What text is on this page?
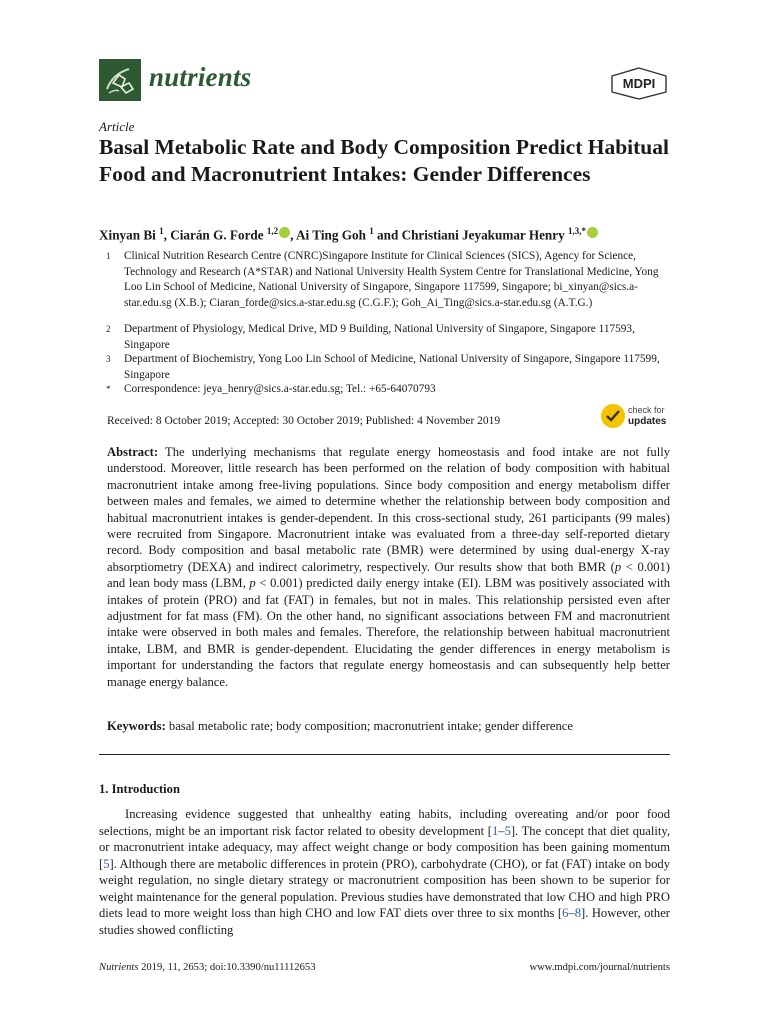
nutrients	MDPI
Article
Basal Metabolic Rate and Body Composition Predict Habitual Food and Macronutrient Intakes: Gender Differences
Xinyan Bi $^1$, Ciarán G. Forde $^{1,2}$ , Ai Ting Goh $^1$ and Christiani Jeyakumar Henry $^{1,3,*}$
1 Clinical Nutrition Research Centre (CNRC)Singapore Institute for Clinical Sciences (SICS), Agency for Science, Technology and Research (A*STAR) and National University Health System Centre for Translational Medicine, Yong Loo Lin School of Medicine, National University of Singapore, Singapore 117599, Singapore; bi_xinyan@sics.a-star.edu.sg (X.B.); Ciaran_forde@sics.a-star.edu.sg (C.G.F.); Goh_Ai_Ting@sics.a-star.edu.sg (A.T.G.)
2 Department of Physiology, Medical Drive, MD 9 Building, National University of Singapore, Singapore 117593, Singapore
3 Department of Biochemistry, Yong Loo Lin School of Medicine, National University of Singapore, Singapore 117599, Singapore
* Correspondence: jeya_henry@sics.a-star.edu.sg; Tel.: +65-64070793
Received: 8 October 2019; Accepted: 30 October 2019; Published: 4 November 2019
check for
updates
Abstract: The underlying mechanisms that regulate energy homeostasis and food intake are not fully understood. Moreover, little research has been performed on the relation of body composition with habitual macronutrient intake among free-living populations. Since body composition and energy metabolism differ between males and females, we aimed to determine whether the relationship between body composition and habitual macronutrient intakes is gender-dependent. In this cross-sectional study, 261 participants (99 males) were recruited from Singapore. Macronutrient intake was evaluated from a three-day self-reported dietary record. Body composition and basal metabolic rate (BMR) were determined by using dual-energy X-ray absorptiometry (DEXA) and indirect calorimetry, respectively. Our results show that both BMR (p < 0.001) and lean body mass (LBM, p < 0.001) predicted daily energy intake (EI). LBM was positively associated with intakes of protein (PRO) and fat (FAT) in females, but not in males. This relationship persisted even after adjustment for fat mass (FM). On the other hand, no significant associations between FM and macronutrient intake were observed in both males and females. Therefore, the relationship between habitual macronutrient intake, LBM, and BMR is gender-dependent. Elucidating the gender differences in energy metabolism is important for understanding the factors that regulate energy homeostasis and can subsequently help better manage energy balance.
Keywords: basal metabolic rate; body composition; macronutrient intake; gender difference
1. Introduction

Increasing evidence suggested that unhealthy eating habits, including overeating and/or poor food selections, might be an important risk factor related to obesity development [1–5]. The concept that diet quality, or macronutrient intake adequacy, may affect weight change or body composition has been gaining momentum [5]. Although there are metabolic differences in protein (PRO), carbohydrate (CHO), or fat (FAT) intake on body weight regulation, no single dietary strategy or macronutrient composition has been shown to be superior for weight maintenance for the general population. Previous studies have demonstrated that low CHO and high PRO diets lead to more weight loss than high CHO and low FAT diets over three to six months [6–8]. However, other studies showed conflicting

Nutrients 2019, 11, 2653; doi:10.3390/nu11112653	www.mdpi.com/journal/nutrients
